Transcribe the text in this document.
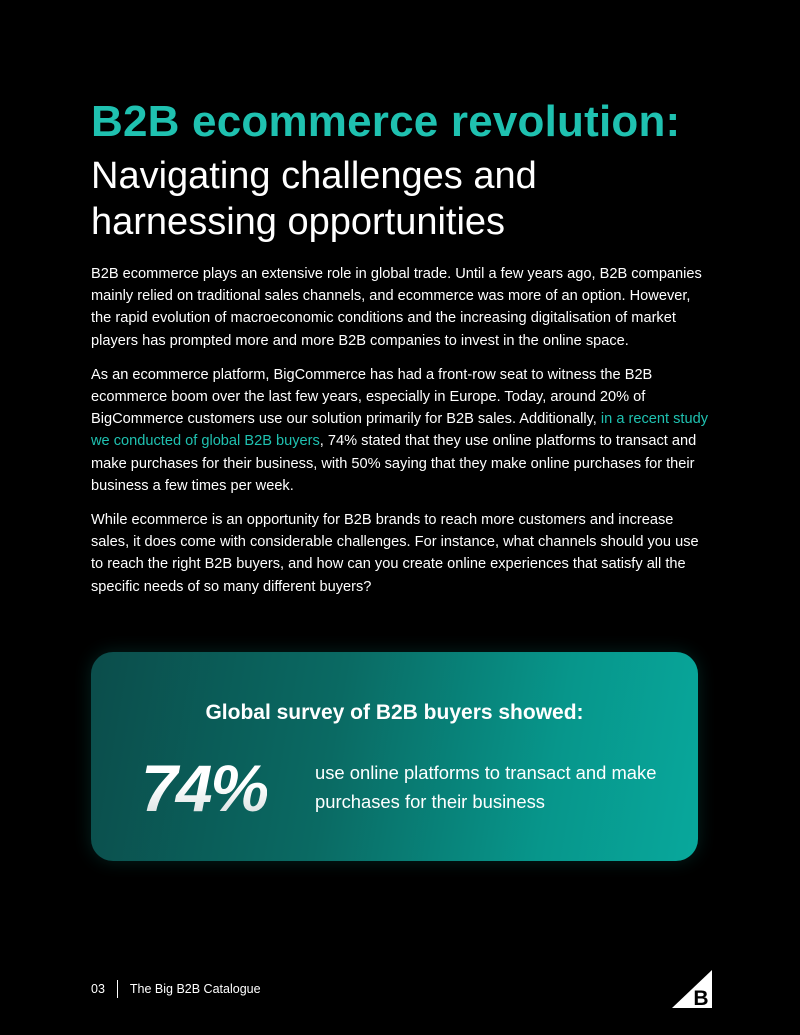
B2B ecommerce revolution:
Navigating challenges and harnessing opportunities

B2B ecommerce plays an extensive role in global trade. Until a few years ago, B2B companies mainly relied on traditional sales channels, and ecommerce was more of an option. However, the rapid evolution of macroeconomic conditions and the increasing digitalisation of market players has prompted more and more B2B companies to invest in the online space.

As an ecommerce platform, BigCommerce has had a front-row seat to witness the B2B ecommerce boom over the last few years, especially in Europe. Today, around 20% of BigCommerce customers use our solution primarily for B2B sales. Additionally, in a recent study we conducted of global B2B buyers, 74% stated that they use online platforms to transact and make purchases for their business, with 50% saying that they make online purchases for their business a few times per week.

While ecommerce is an opportunity for B2B brands to reach more customers and increase sales, it does come with considerable challenges. For instance, what channels should you use to reach the right B2B buyers, and how can you create online experiences that satisfy all the specific needs of so many different buyers?

Global survey of B2B buyers showed:

74%	use online platforms to transact and make purchases for their business

03 The Big B2B Catalogue	B
